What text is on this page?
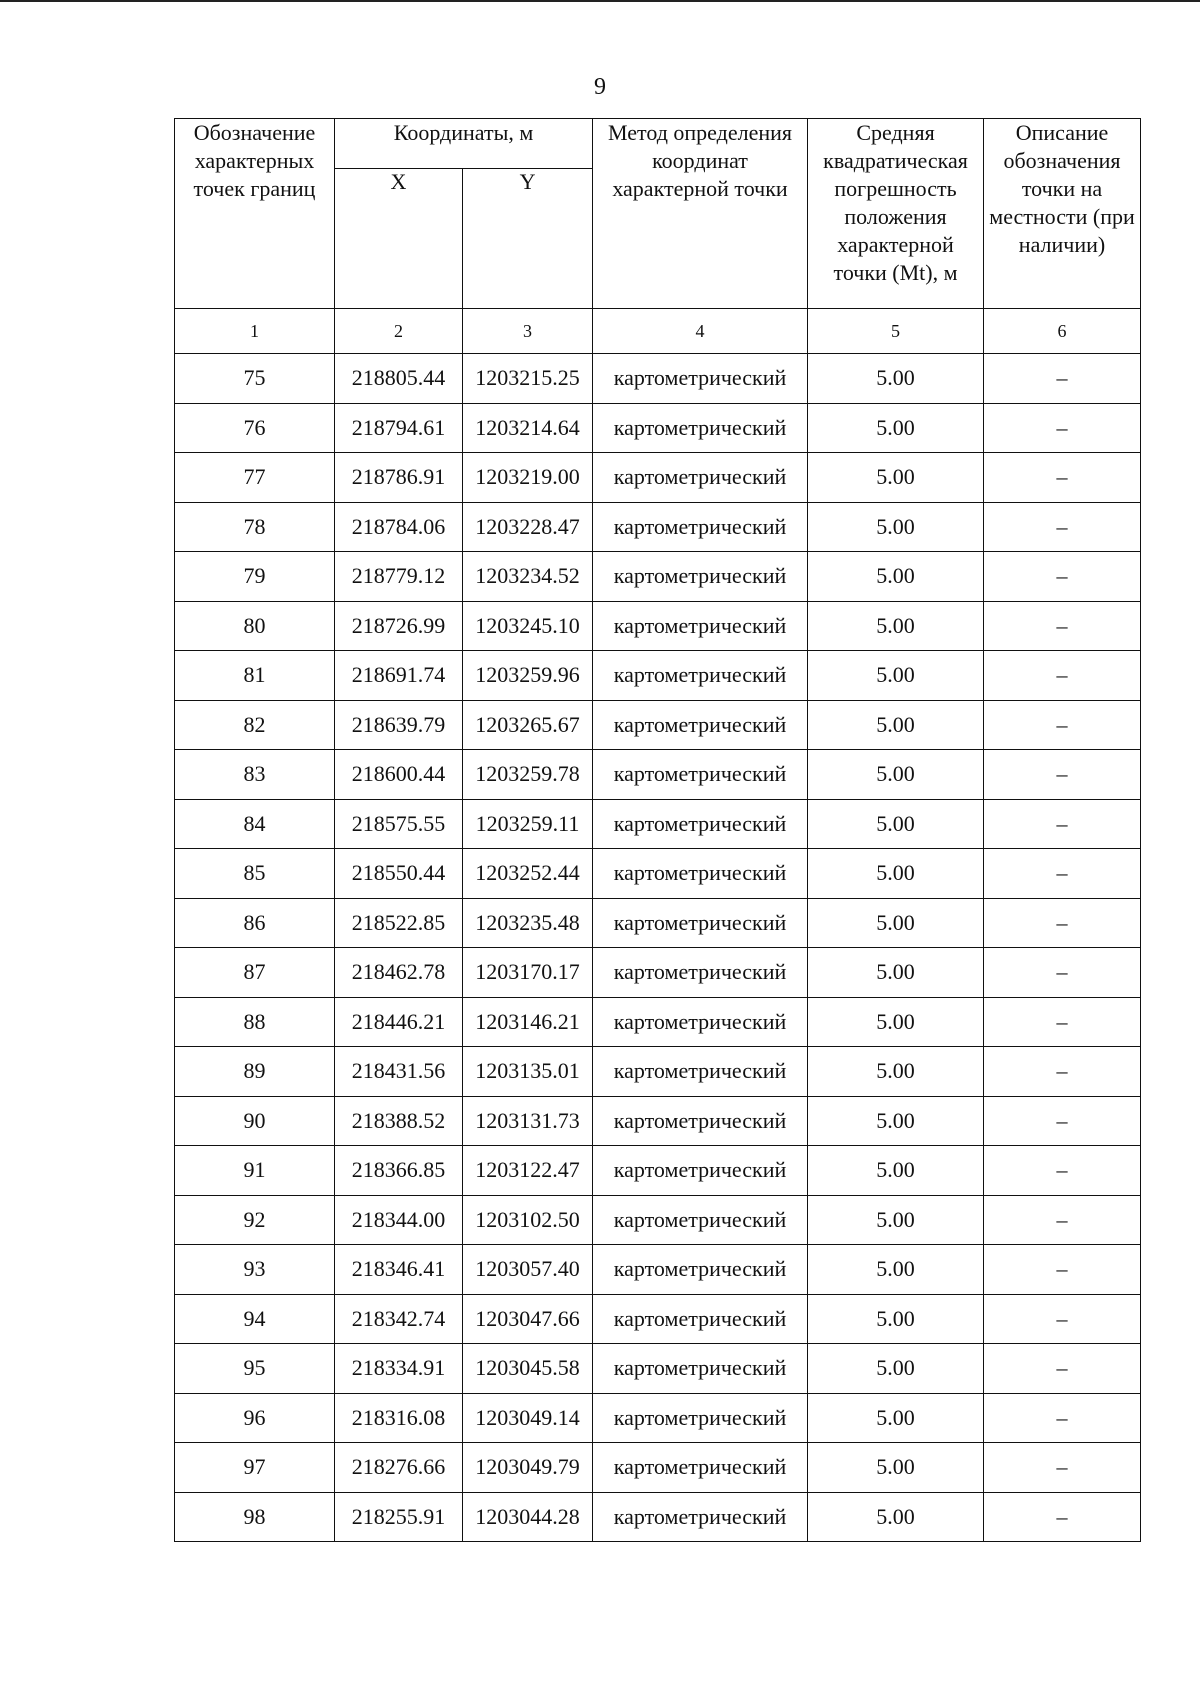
9
Обозначение характерных точек границ	Координаты, м		Метод определения координат характерной точки	Средняя квадратическая погрешность положения характерной точки (Mt), м	Описание обозначения точки на местности (при наличии)
	X	Y			
1	2	3	4	5	6
75	218805.44	1203215.25	картометрический	5.00	–
76	218794.61	1203214.64	картометрический	5.00	–
77	218786.91	1203219.00	картометрический	5.00	–
78	218784.06	1203228.47	картометрический	5.00	–
79	218779.12	1203234.52	картометрический	5.00	–
80	218726.99	1203245.10	картометрический	5.00	–
81	218691.74	1203259.96	картометрический	5.00	–
82	218639.79	1203265.67	картометрический	5.00	–
83	218600.44	1203259.78	картометрический	5.00	–
84	218575.55	1203259.11	картометрический	5.00	–
85	218550.44	1203252.44	картометрический	5.00	–
86	218522.85	1203235.48	картометрический	5.00	–
87	218462.78	1203170.17	картометрический	5.00	–
88	218446.21	1203146.21	картометрический	5.00	–
89	218431.56	1203135.01	картометрический	5.00	–
90	218388.52	1203131.73	картометрический	5.00	–
91	218366.85	1203122.47	картометрический	5.00	–
92	218344.00	1203102.50	картометрический	5.00	–
93	218346.41	1203057.40	картометрический	5.00	–
94	218342.74	1203047.66	картометрический	5.00	–
95	218334.91	1203045.58	картометрический	5.00	–
96	218316.08	1203049.14	картометрический	5.00	–
97	218276.66	1203049.79	картометрический	5.00	–
98	218255.91	1203044.28	картометрический	5.00	–
